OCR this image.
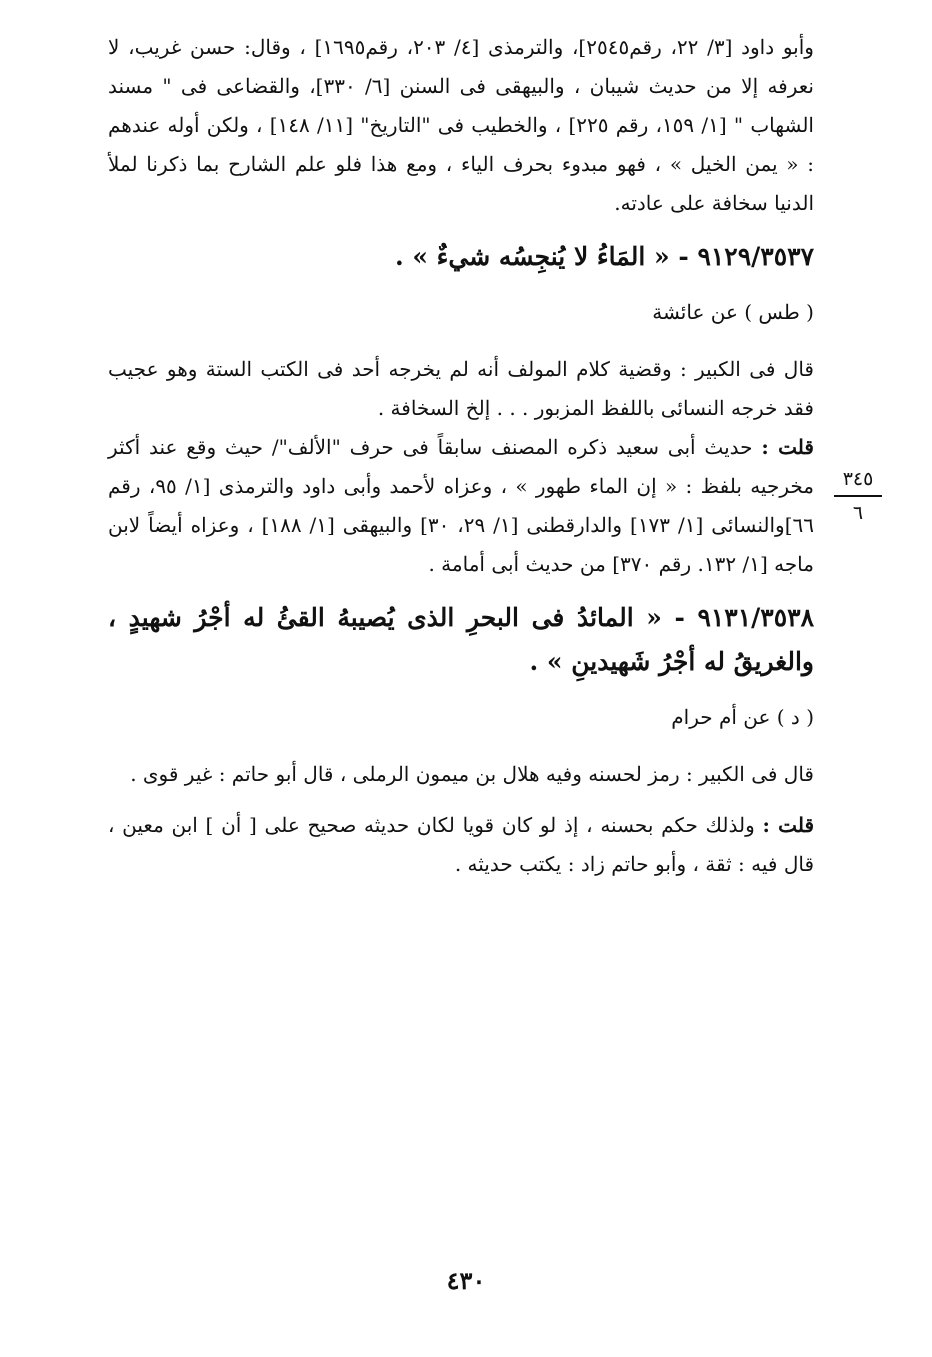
وأبو داود [٣/ ٢٢، رقم٢٥٤٥]، والترمذى [٤/ ٢٠٣، رقم١٦٩٥] ، وقال: حسن غريب، لا نعرفه إلا من حديث شيبان ، والبيهقى فى السنن [٦/ ٣٣٠]، والقضاعى فى " مسند الشهاب " [١/ ١٥٩، رقم ٢٢٥] ، والخطيب فى "التاريخ" [١١/ ١٤٨] ، ولكن أوله عندهم : « يمن الخيل » ، فهو مبدوء بحرف الياء ، ومع هذا فلو علم الشارح بما ذكرنا لملأ الدنيا سخافة على عادته.

٩١٢٩/٣٥٣٧ - « المَاءُ لا يُنجِسُه شيءٌ » .

( طس ) عن عائشة

قال فى الكبير : وقضية كلام المولف أنه لم يخرجه أحد فى الكتب الستة وهو عجيب فقد خرجه النسائى باللفظ المزبور . . . إلخ السخافة .

قلت : حديث أبى سعيد ذكره المصنف سابقاً فى حرف "الألف"/ حيث وقع عند أكثر مخرجيه بلفظ : « إن الماء طهور » ، وعزاه لأحمد وأبى داود والترمذى [١/ ٩٥، رقم ٦٦]والنسائى [١/ ١٧٣] والدارقطنى [١/ ٢٩، ٣٠] والبيهقى [١/ ١٨٨] ، وعزاه أيضاً لابن ماجه [١/ ١٣٢. رقم ٣٧٠] من حديث أبى أمامة .

٩١٣١/٣٥٣٨ - « المائدُ فى البحرِ الذى يُصيبهُ القئُ له أجْرُ شهيدٍ ، والغريقُ له أجْرُ شَهيدينِ » .

( د ) عن أم حرام

قال فى الكبير : رمز لحسنه وفيه هلال بن ميمون الرملى ، قال أبو حاتم : غير قوى .

قلت : ولذلك حكم بحسنه ، إذ لو كان قويا لكان حديثه صحيح على [ أن ] ابن معين ، قال فيه : ثقة ، وأبو حاتم زاد : يكتب حديثه .

٣٤٥
٦
٤٣٠
